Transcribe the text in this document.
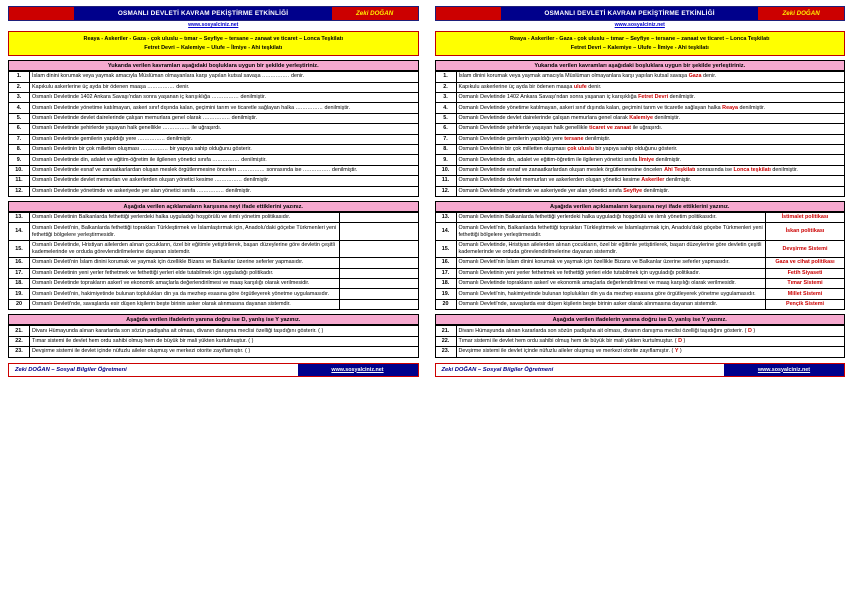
OSMANLI DEVLETİ KAVRAM PEKİŞTİRME ETKİNLİĞİ	Zeki DOĞAN
www.sosyalciniz.net
Reaya - Askeriler - Gaza - çok uluslu – tımar – Seyfiye – tersane – zanaat ve ticaret – Lonca Teşkilatı
Fetret Devri – Kalemiye – Ulufe – İlmiye - Ahi teşkilatı
Yukarıda verilen kavramları aşağıdaki boşluklara uygun bir şekilde yerleştiriniz.
1.	İslam dinini korumak veya yaymak amacıyla Müslüman olmayanlara karşı yapılan kutsal savaşa ................ denir.
2.	Kapıkulu askerlerine üç ayda bir ödenen maaşa ................ denir.
3.	Osmanlı Devletinde 1402 Ankara Savaşı'ndan sonra yaşanan iç karışıklığa ................ denilmiştir.
4.	Osmanlı Devletinde yönetime katılmayan, askeri sınıf dışında kalan, geçimini tarım ve ticaretle sağlayan halka ................ denilmiştir.
5.	Osmanlı Devletinde devlet dairelerinde çalışan memurlara genel olarak ................ denilmiştir.
6.	Osmanlı Devletinde şehirlerde yaşayan halk genellikle ................ ile uğraşırdı.
7.	Osmanlı Devletinde gemilerin yapıldığı yere ................ denilmiştir.
8.	Osmanlı Devletinin bir çok milletten oluşması ................ bir yapıya sahip olduğunu gösterir.
9.	Osmanlı Devletinde din, adalet ve eğitim-öğretim ile ilgilenen yönetici sınıfa ................ denilmiştir.
10.	Osmanlı Devletinde esnaf ve zanaatkarlardan oluşan meslek örgütlenmesine öncelerı ................ sonrasında ise ................ denilmiştir.
11.	Osmanlı Devletinde devlet memurları ve askerlerden oluşan yönetici kesime ................ denilmiştir.
12.	Osmanlı Devletinde yönetimde ve askeriyede yer alan yönetici sınıfa ................ denilmiştir.
Aşağıda verilen açıklamaların karşısına neyi ifade ettiklerini yazınız.
13.	Osmanlı Devletinin Balkanlarda fethettiği yerlerdeki halka uyguladığı hoşgörülü ve ılımlı yönetim politikasıdır.	
14.	Osmanlı Devleti'nin, Balkanlarda fethettiği toprakları Türkleştirmek ve İslamlaştırmak için, Anadolu'daki göçebe Türkmenleri yeni fethettiği bölgelere yerleştirmesidir.	
15.	Osmanlı Devletinde, Hristiyan ailelerden alınan çocukların, özel bir eğitimle yetiştirilerek, başarı düzeylerine göre devletin çeşitli kademelerinde ve orduda görevlendirilmelerine dayanan sistemdir.	
16.	Osmanlı Devleti'nin İslam dinini korumak ve yaymak için özellikle Bizans ve Balkanlar üzerine seferler yapmasıdır.	
17.	Osmanlı Devletinin yeni yerler fethetmek ve fethettiği yerleri elde tutabilmek için uyguladığı politikadır.	
18.	Osmanlı Devletinde toprakların askerî ve ekonomik amaçlarla değerlendirilmesi ve maaş karşılığı olarak verilmesidir.	
19.	Osmanlı Devleti'nin, hakimiyetinde bulunan toplulukları din ya da mezhep esasına göre örgütleyerek yönetme uygulamasıdır.	
20	Osmanlı Devleti'nde, savaşlarda esir düşen kişilerin beşte birinin asker olarak alınmasına dayanan sistemdir.	
Aşağıda verilen ifadelerin yanına doğru ise D, yanlış ise Y yazınız.
21.	Divanı Hümayunda alınan kararlarda son sözün padişaha ait olması, divanın danışma meclisi özelliği taşıdığını gösterir. ( )
22.	Tımar sistemi ile devlet hem ordu sahibi olmuş hem de büyük bir mali yükten kurtulmuştur. ( )
23.	Devşirme sistemi ile devlet içinde nüfuzlu aileler oluşmuş ve merkezi otorite zayıflamıştır. ( )
Zeki DOĞAN – Sosyal Bilgiler Öğretmeni	www.sosyalciniz.net
OSMANLI DEVLETİ KAVRAM PEKİŞTİRME ETKİNLİĞİ	Zeki DOĞAN
www.sosyalciniz.net
Reaya - Askeriler - Gaza - çok uluslu – tımar – Seyfiye – tersane – zanaat ve ticaret – Lonca Teşkilatı
Fetret Devri – Kalemiye – Ulufe – İlmiye - Ahi teşkilatı
Yukarıda verilen kavramları aşağıdaki boşluklara uygun bir şekilde yerleştiriniz.
1.	İslam dinini korumak veya yaymak amacıyla Müslüman olmayanlara karşı yapılan kutsal savaşa Gaza denir.
2.	Kapıkulu askerlerine üç ayda bir ödenen maaşa ulufe denir.
3.	Osmanlı Devletinde 1402 Ankara Savaşı'ndan sonra yaşanan iç karışıklığa Fetret Devri denilmiştir.
4.	Osmanlı Devletinde yönetime katılmayan, askeri sınıf dışında kalan, geçimini tarım ve ticaretle sağlayan halka Reaya denilmiştir.
5.	Osmanlı Devletinde devlet dairelerinde çalışan memurlara genel olarak Kalemiye denilmiştir.
6.	Osmanlı Devletinde şehirlerde yaşayan halk genellikle ticaret ve zanaat ile uğraşırdı.
7.	Osmanlı Devletinde gemilerin yapıldığı yere tersane denilmiştir.
8.	Osmanlı Devletinin bir çok milletten oluşması çok uluslu bir yapıya sahip olduğunu gösterir.
9.	Osmanlı Devletinde din, adalet ve eğitim-öğretim ile ilgilenen yönetici sınıfa İlmiye denilmiştir.
10.	Osmanlı Devletinde esnaf ve zanaatkarlardan oluşan meslek örgütlenmesine öncelerı Ahi Teşkilatı sonrasında ise Lonca teşkilatı denilmiştir.
11.	Osmanlı Devletinde devlet memurları ve askerlerden oluşan yönetici kesime Askeriler denilmiştir.
12.	Osmanlı Devletinde yönetimde ve askeriyede yer alan yönetici sınıfa Seyfiye denilmiştir.
Aşağıda verilen açıklamaların karşısına neyi ifade ettiklerini yazınız.
13.	Osmanlı Devletinin Balkanlarda fethettiği yerlerdeki halka uyguladığı hoşgörülü ve ılımlı yönetim politikasıdır.	İstimalet politikası
14.	Osmanlı Devleti'nin, Balkanlarda fethettiği toprakları Türkleştirmek ve İslamlaştırmak için, Anadolu'daki göçebe Türkmenleri yeni fethettiği bölgelere yerleştirmesidir.	İskan politikası
15.	Osmanlı Devletinde, Hristiyan ailelerden alınan çocukların, özel bir eğitimle yetiştirilerek, başarı düzeylerine göre devletin çeşitli kademelerinde ve orduda görevlendirilmelerine dayanan sistemdir.	Devşirme Sistemi
16.	Osmanlı Devleti'nin İslam dinini korumak ve yaymak için özellikle Bizans ve Balkanlar üzerine seferler yapmasıdır.	Gaza ve cihat politikası
17.	Osmanlı Devletinin yeni yerler fethetmek ve fethettiği yerleri elde tutabilmek için uyguladığı politikadır.	Fetih Siyaseti
18.	Osmanlı Devletinde toprakların askerî ve ekonomik amaçlarla değerlendirilmesi ve maaş karşılığı olarak verilmesidir.	Tımar Sistemi
19.	Osmanlı Devleti'nin, hakimiyetinde bulunan toplulukları din ya da mezhep esasına göre örgütleyerek yönetme uygulamasıdır.	Millet Sistemi
20	Osmanlı Devleti'nde, savaşlarda esir düşen kişilerin beşte birinin asker olarak alınmasına dayanan sistemdir.	Pençik Sistemi
Aşağıda verilen ifadelerin yanına doğru ise D, yanlış ise Y yazınız.
21.	Divanı Hümayunda alınan kararlarda son sözün padişaha ait olması, divanın danışma meclisi özelliği taşıdığını gösterir. ( D )
22.	Tımar sistemi ile devlet hem ordu sahibi olmuş hem de büyük bir mali yükten kurtulmuştur. ( D )
23.	Devşirme sistemi ile devlet içinde nüfuzlu aileler oluşmuş ve merkezi otorite zayıflamıştır. ( Y )
Zeki DOĞAN – Sosyal Bilgiler Öğretmeni	www.sosyalciniz.net
